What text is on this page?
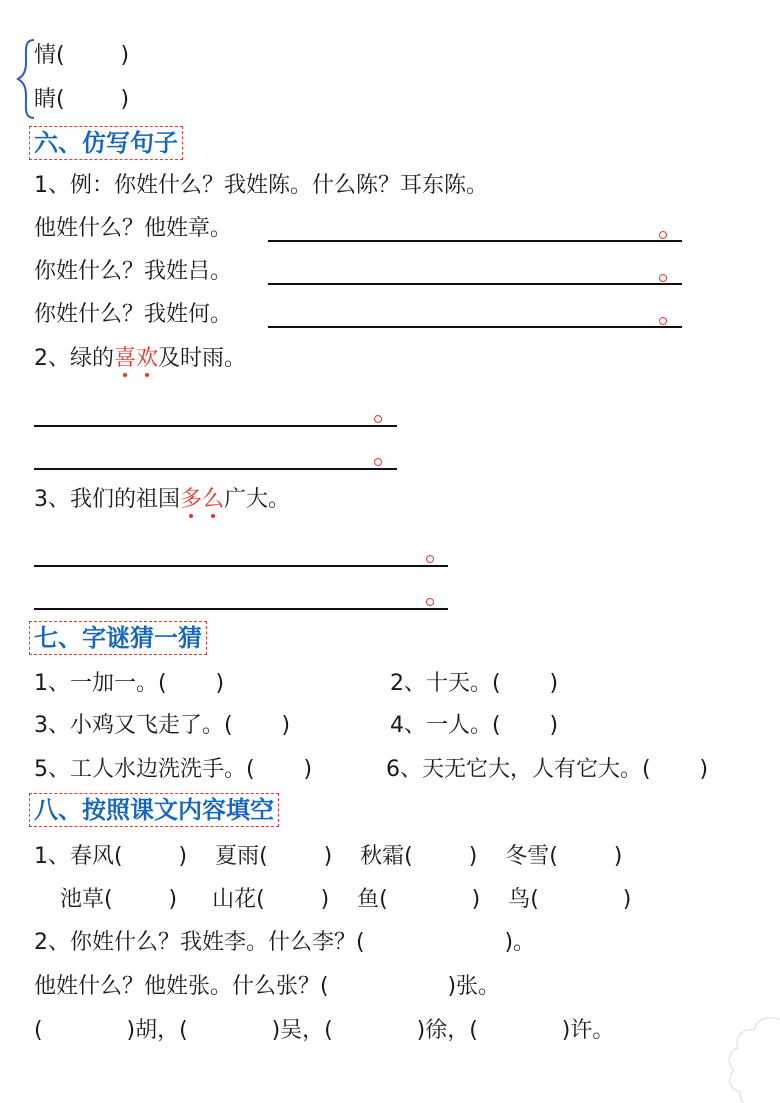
情(        )
睛(        )
六、仿写句子
1、例：你姓什么？我姓陈。什么陈？耳东陈。
他姓什么？他姓章。
你姓什么？我姓吕。
你姓什么？我姓何。
2、绿的喜欢及时雨。
3、我们的祖国多么广大。
七、字谜猜一猜
1、一加一。(       )	2、十天。(       )
3、小鸡又飞走了。(       )	4、一人。(       )
5、工人水边洗洗手。(       )	6、天无它大，人有它大。(       )
八、按照课文内容填空
1、春风(        )    夏雨(        )    秋霜(        )    冬雪(        )
池草(        )     山花(        )    鱼(            )    鸟(            )
2、你姓什么？我姓李。什么李？(                    )。
他姓什么？他姓张。什么张？(                 )张。
(            )胡，(            )吴，(            )徐，(            )许。
